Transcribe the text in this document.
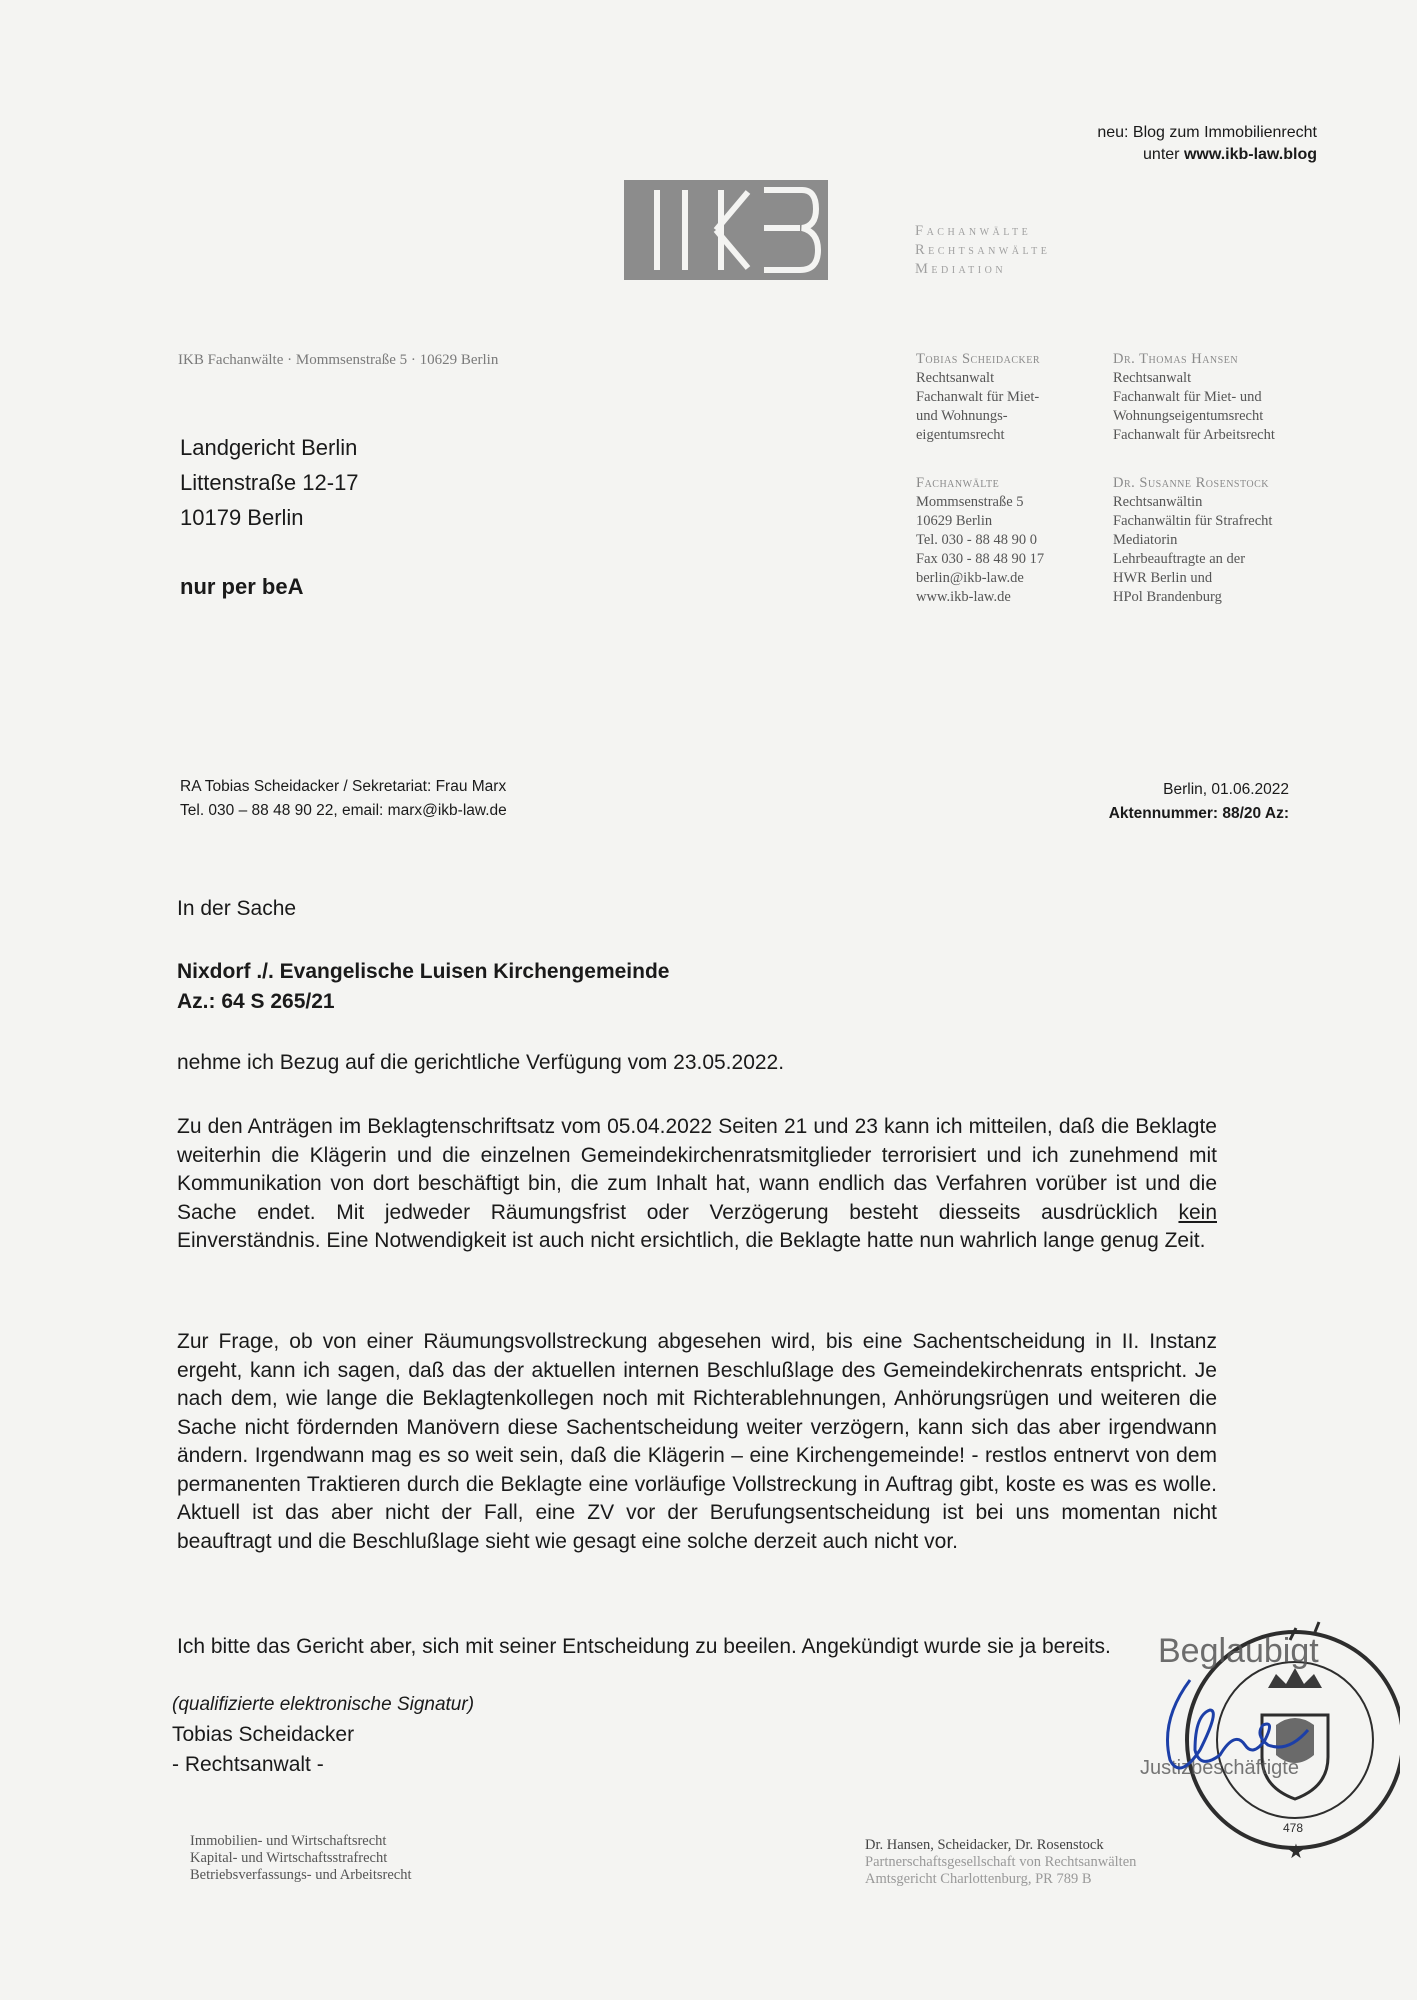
neu: Blog zum Immobilienrecht
unter www.ikb-law.blog
Fachanwälte
Rechtsanwälte
Mediation
IKB Fachanwälte · Mommsenstraße 5 · 10629 Berlin
Landgericht Berlin
Littenstraße 12-17
10179 Berlin
nur per beA
Tobias Scheidacker
Rechtsanwalt
Fachanwalt für Miet-
und Wohnungs-
eigentumsrecht
Dr. Thomas Hansen
Rechtsanwalt
Fachanwalt für Miet- und
Wohnungseigentumsrecht
Fachanwalt für Arbeitsrecht
Fachanwälte
Mommsenstraße 5
10629 Berlin
Tel. 030 - 88 48 90 0
Fax 030 - 88 48 90 17
berlin@ikb-law.de
www.ikb-law.de
Dr. Susanne Rosenstock
Rechtsanwältin
Fachanwältin für Strafrecht
Mediatorin
Lehrbeauftragte an der
HWR Berlin und
HPol Brandenburg
RA Tobias Scheidacker / Sekretariat: Frau Marx
Tel. 030 – 88 48 90 22, email: marx@ikb-law.de
Berlin, 01.06.2022
Aktennummer: 88/20 Az:
In der Sache
Nixdorf ./. Evangelische Luisen Kirchengemeinde
Az.: 64 S 265/21
nehme ich Bezug auf die gerichtliche Verfügung vom 23.05.2022.
Zu den Anträgen im Beklagtenschriftsatz vom 05.04.2022 Seiten 21 und 23 kann ich mitteilen, daß die Beklagte weiterhin die Klägerin und die einzelnen Gemeindekirchenratsmitglieder terrorisiert und ich zunehmend mit Kommunikation von dort beschäftigt bin, die zum Inhalt hat, wann endlich das Verfahren vorüber ist und die Sache endet. Mit jedweder Räumungsfrist oder Verzögerung besteht diesseits ausdrücklich kein Einverständnis. Eine Notwendigkeit ist auch nicht ersichtlich, die Beklagte hatte nun wahrlich lange genug Zeit.
Zur Frage, ob von einer Räumungsvollstreckung abgesehen wird, bis eine Sachentscheidung in II. Instanz ergeht, kann ich sagen, daß das der aktuellen internen Beschlußlage des Gemeindekirchenrats entspricht. Je nach dem, wie lange die Beklagtenkollegen noch mit Richterablehnungen, Anhörungsrügen und weiteren die Sache nicht fördernden Manövern diese Sachentscheidung weiter verzögern, kann sich das aber irgendwann ändern. Irgendwann mag es so weit sein, daß die Klägerin – eine Kirchengemeinde! - restlos entnervt von dem permanenten Traktieren durch die Beklagte eine vorläufige Vollstreckung in Auftrag gibt, koste es was es wolle. Aktuell ist das aber nicht der Fall, eine ZV vor der Berufungsentscheidung ist bei uns momentan nicht beauftragt und die Beschlußlage sieht wie gesagt eine solche derzeit auch nicht vor.
Ich bitte das Gericht aber, sich mit seiner Entscheidung zu beeilen. Angekündigt wurde sie ja bereits.
(qualifizierte elektronische Signatur)
Tobias Scheidacker
- Rechtsanwalt -
478
★
Beglaubigt
Justizbeschäftigte
Immobilien- und Wirtschaftsrecht
Kapital- und Wirtschaftsstrafrecht
Betriebsverfassungs- und Arbeitsrecht
Dr. Hansen, Scheidacker, Dr. Rosenstock
Partnerschaftsgesellschaft von Rechtsanwälten
Amtsgericht Charlottenburg, PR 789 B
